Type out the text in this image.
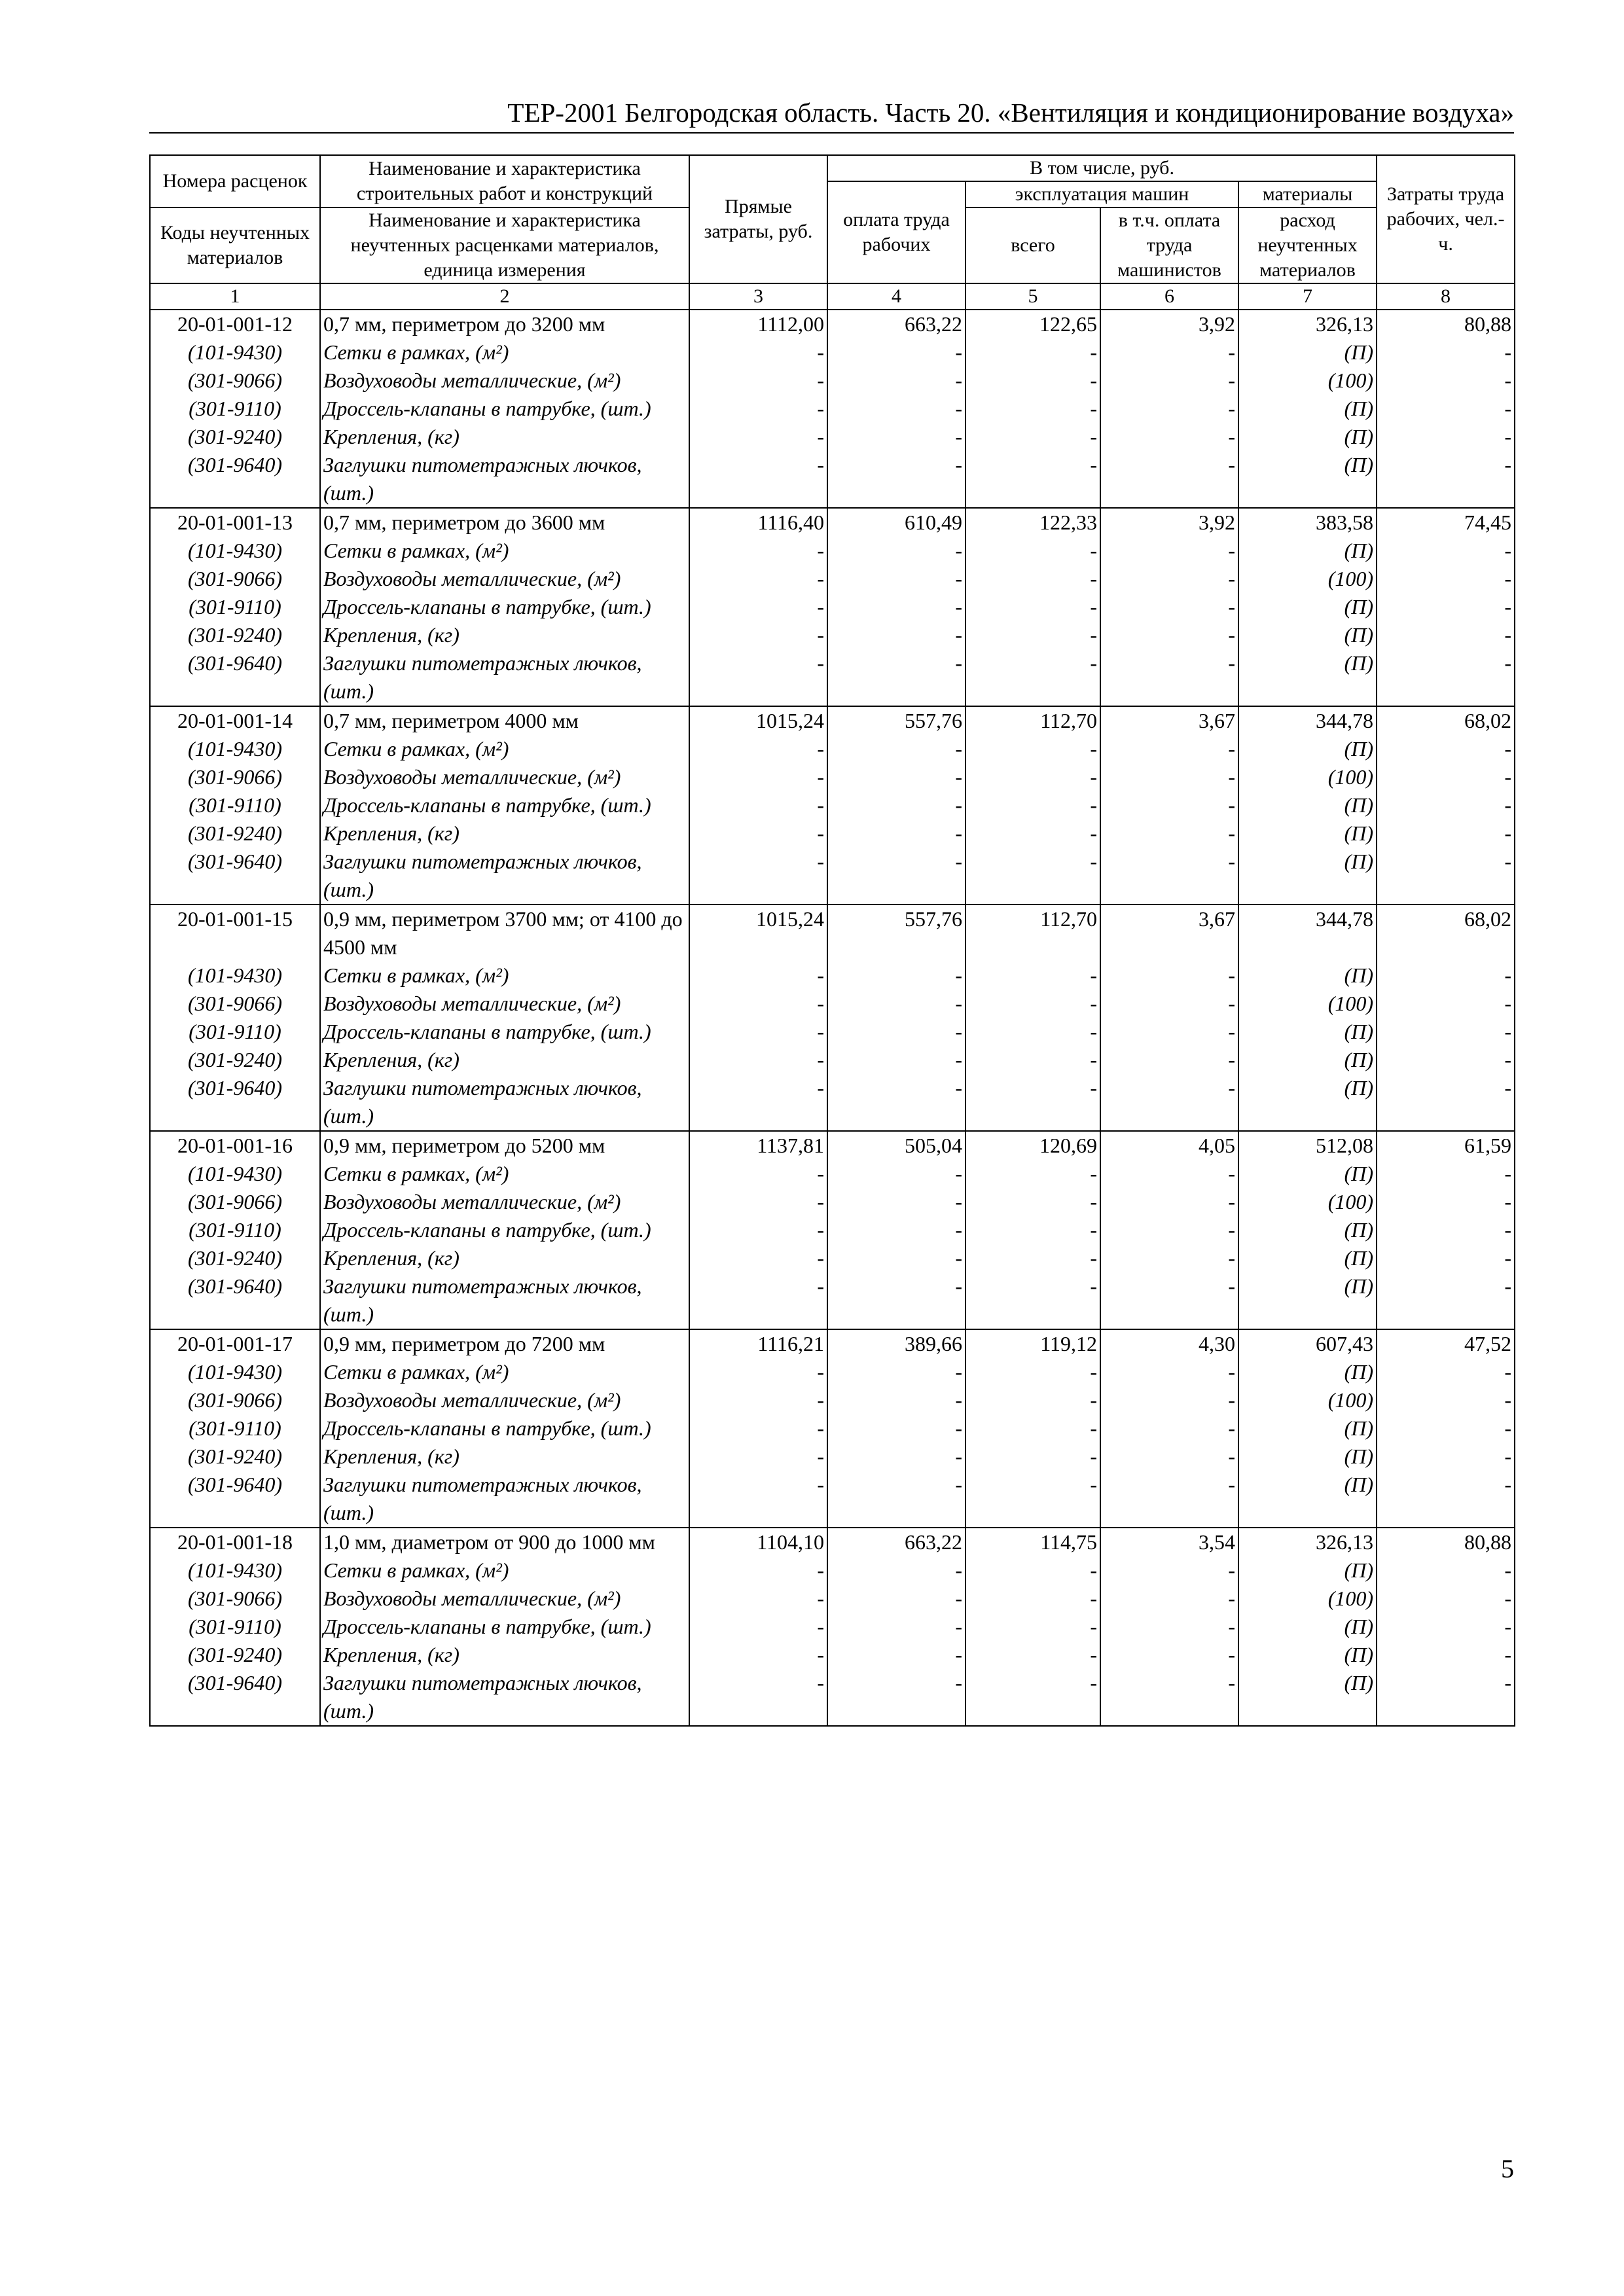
ТЕР-2001 Белгородская область. Часть 20. «Вентиляция и кондиционирование воздуха»
Номера расценок	Наименование и характеристика строительных работ и конструкций	Прямые затраты, руб.	В том числе, руб.				Затраты труда рабочих, чел.-ч.
			оплата труда рабочих	эксплуатация машин		материалы	
Коды неучтенных материалов	Наименование и характеристика неучтенных расценками материалов, единица измерения			всего	в т.ч. оплата труда машинистов	расход неучтенных материалов	
1	2	3	4	5	6	7	8
20-01-001-12	0,7 мм, периметром до 3200 мм	1112,00	663,22	122,65	3,92	326,13	80,88
(101-9430)	Сетки в рамках, (м²)	-	-	-	-	(П)	-
(301-9066)	Воздуховоды металлические, (м²)	-	-	-	-	(100)	-
(301-9110)	Дроссель-клапаны в патрубке, (шт.)	-	-	-	-	(П)	-
(301-9240)	Крепления, (кг)	-	-	-	-	(П)	-
(301-9640)	Заглушки питометражных лючков, (шт.)	-	-	-	-	(П)	-
20-01-001-13	0,7 мм, периметром до 3600 мм	1116,40	610,49	122,33	3,92	383,58	74,45
(101-9430)	Сетки в рамках, (м²)	-	-	-	-	(П)	-
(301-9066)	Воздуховоды металлические, (м²)	-	-	-	-	(100)	-
(301-9110)	Дроссель-клапаны в патрубке, (шт.)	-	-	-	-	(П)	-
(301-9240)	Крепления, (кг)	-	-	-	-	(П)	-
(301-9640)	Заглушки питометражных лючков, (шт.)	-	-	-	-	(П)	-
20-01-001-14	0,7 мм, периметром 4000 мм	1015,24	557,76	112,70	3,67	344,78	68,02
(101-9430)	Сетки в рамках, (м²)	-	-	-	-	(П)	-
(301-9066)	Воздуховоды металлические, (м²)	-	-	-	-	(100)	-
(301-9110)	Дроссель-клапаны в патрубке, (шт.)	-	-	-	-	(П)	-
(301-9240)	Крепления, (кг)	-	-	-	-	(П)	-
(301-9640)	Заглушки питометражных лючков, (шт.)	-	-	-	-	(П)	-
20-01-001-15	0,9 мм, периметром 3700 мм; от 4100 до 4500 мм	1015,24	557,76	112,70	3,67	344,78	68,02
(101-9430)	Сетки в рамках, (м²)	-	-	-	-	(П)	-
(301-9066)	Воздуховоды металлические, (м²)	-	-	-	-	(100)	-
(301-9110)	Дроссель-клапаны в патрубке, (шт.)	-	-	-	-	(П)	-
(301-9240)	Крепления, (кг)	-	-	-	-	(П)	-
(301-9640)	Заглушки питометражных лючков, (шт.)	-	-	-	-	(П)	-
20-01-001-16	0,9 мм, периметром до 5200 мм	1137,81	505,04	120,69	4,05	512,08	61,59
(101-9430)	Сетки в рамках, (м²)	-	-	-	-	(П)	-
(301-9066)	Воздуховоды металлические, (м²)	-	-	-	-	(100)	-
(301-9110)	Дроссель-клапаны в патрубке, (шт.)	-	-	-	-	(П)	-
(301-9240)	Крепления, (кг)	-	-	-	-	(П)	-
(301-9640)	Заглушки питометражных лючков, (шт.)	-	-	-	-	(П)	-
20-01-001-17	0,9 мм, периметром до 7200 мм	1116,21	389,66	119,12	4,30	607,43	47,52
(101-9430)	Сетки в рамках, (м²)	-	-	-	-	(П)	-
(301-9066)	Воздуховоды металлические, (м²)	-	-	-	-	(100)	-
(301-9110)	Дроссель-клапаны в патрубке, (шт.)	-	-	-	-	(П)	-
(301-9240)	Крепления, (кг)	-	-	-	-	(П)	-
(301-9640)	Заглушки питометражных лючков, (шт.)	-	-	-	-	(П)	-
20-01-001-18	1,0 мм, диаметром от 900 до 1000 мм	1104,10	663,22	114,75	3,54	326,13	80,88
(101-9430)	Сетки в рамках, (м²)	-	-	-	-	(П)	-
(301-9066)	Воздуховоды металлические, (м²)	-	-	-	-	(100)	-
(301-9110)	Дроссель-клапаны в патрубке, (шт.)	-	-	-	-	(П)	-
(301-9240)	Крепления, (кг)	-	-	-	-	(П)	-
(301-9640)	Заглушки питометражных лючков, (шт.)	-	-	-	-	(П)	-
5
